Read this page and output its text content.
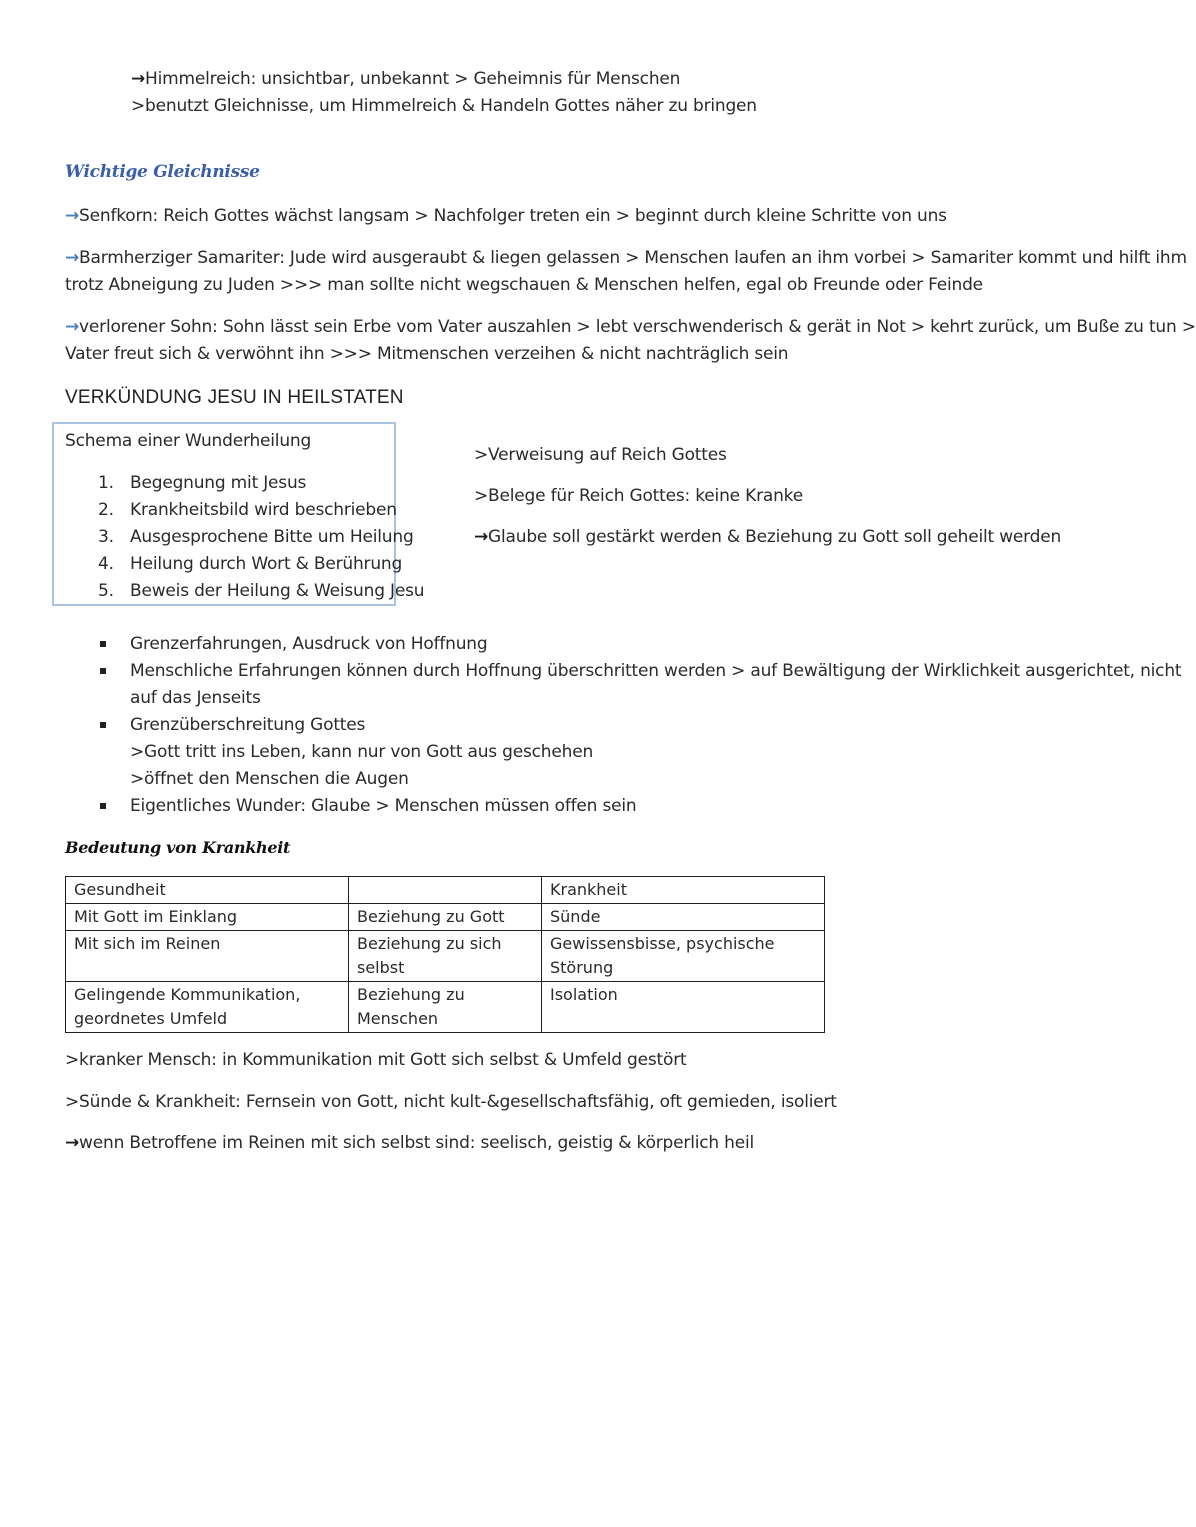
→Himmelreich: unsichtbar, unbekannt > Geheimnis für Menschen
>benutzt Gleichnisse, um Himmelreich & Handeln Gottes näher zu bringen
Wichtige Gleichnisse
→Senfkorn: Reich Gottes wächst langsam > Nachfolger treten ein > beginnt durch kleine Schritte von uns
→Barmherziger Samariter: Jude wird ausgeraubt & liegen gelassen > Menschen laufen an ihm vorbei > Samariter kommt und hilft ihm
trotz Abneigung zu Juden >>> man sollte nicht wegschauen & Menschen helfen, egal ob Freunde oder Feinde
→verlorener Sohn: Sohn lässt sein Erbe vom Vater auszahlen > lebt verschwenderisch & gerät in Not > kehrt zurück, um Buße zu tun >
Vater freut sich & verwöhnt ihn >>> Mitmenschen verzeihen & nicht nachträglich sein
VERKÜNDUNG JESU IN HEILSTATEN
Schema einer Wunderheilung
1. Begegnung mit Jesus
2. Krankheitsbild wird beschrieben
3. Ausgesprochene Bitte um Heilung
4. Heilung durch Wort & Berührung
5. Beweis der Heilung & Weisung Jesu
>Verweisung auf Reich Gottes
>Belege für Reich Gottes: keine Kranke
→Glaube soll gestärkt werden & Beziehung zu Gott soll geheilt werden
Grenzerfahrungen, Ausdruck von Hoffnung
Menschliche Erfahrungen können durch Hoffnung überschritten werden > auf Bewältigung der Wirklichkeit ausgerichtet, nicht
auf das Jenseits
Grenzüberschreitung Gottes
>Gott tritt ins Leben, kann nur von Gott aus geschehen
>öffnet den Menschen die Augen
Eigentliches Wunder: Glaube > Menschen müssen offen sein
Bedeutung von Krankheit
Gesundheit		Krankheit
Mit Gott im Einklang	Beziehung zu Gott	Sünde
Mit sich im Reinen	Beziehung zu sich selbst	Gewissensbisse, psychische Störung
Gelingende Kommunikation, geordnetes Umfeld	Beziehung zu Menschen	Isolation
>kranker Mensch: in Kommunikation mit Gott sich selbst & Umfeld gestört
>Sünde & Krankheit: Fernsein von Gott, nicht kult-&gesellschaftsfähig, oft gemieden, isoliert
→wenn Betroffene im Reinen mit sich selbst sind: seelisch, geistig & körperlich heil
